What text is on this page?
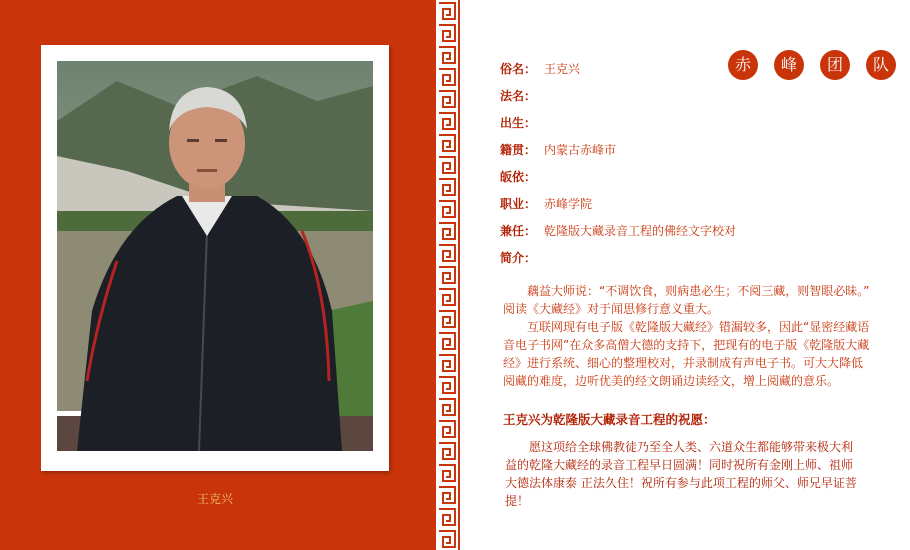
王克兴
赤	峰	团	队
俗名： 王克兴
法名：
出生：
籍贯： 内蒙古赤峰市
皈依：
职业： 赤峰学院
兼任： 乾隆版大藏录音工程的佛经文字校对
简介：

藕益大师说：“不调饮食，则病患必生；不阅三藏，则智眼必昧。” 阅读《大藏经》对于闻思修行意义重大。

互联网现有电子版《乾隆版大藏经》错漏较多，因此“显密经藏语音电子书网”在众多高僧大德的支持下，把现有的电子版《乾隆版大藏经》进行系统、细心的整理校对，并录制成有声电子书。可大大降低阅藏的难度，边听优美的经文朗诵边读经文，增上阅藏的意乐。

王克兴为乾隆版大藏录音工程的祝愿：

愿这项给全球佛教徒乃至全人类、六道众生都能够带来极大利益的乾隆大藏经的录音工程早日圆满！同时祝所有金刚上师、祖师大德法体康泰 正法久住！祝所有参与此项工程的师父、师兄早证菩提！
